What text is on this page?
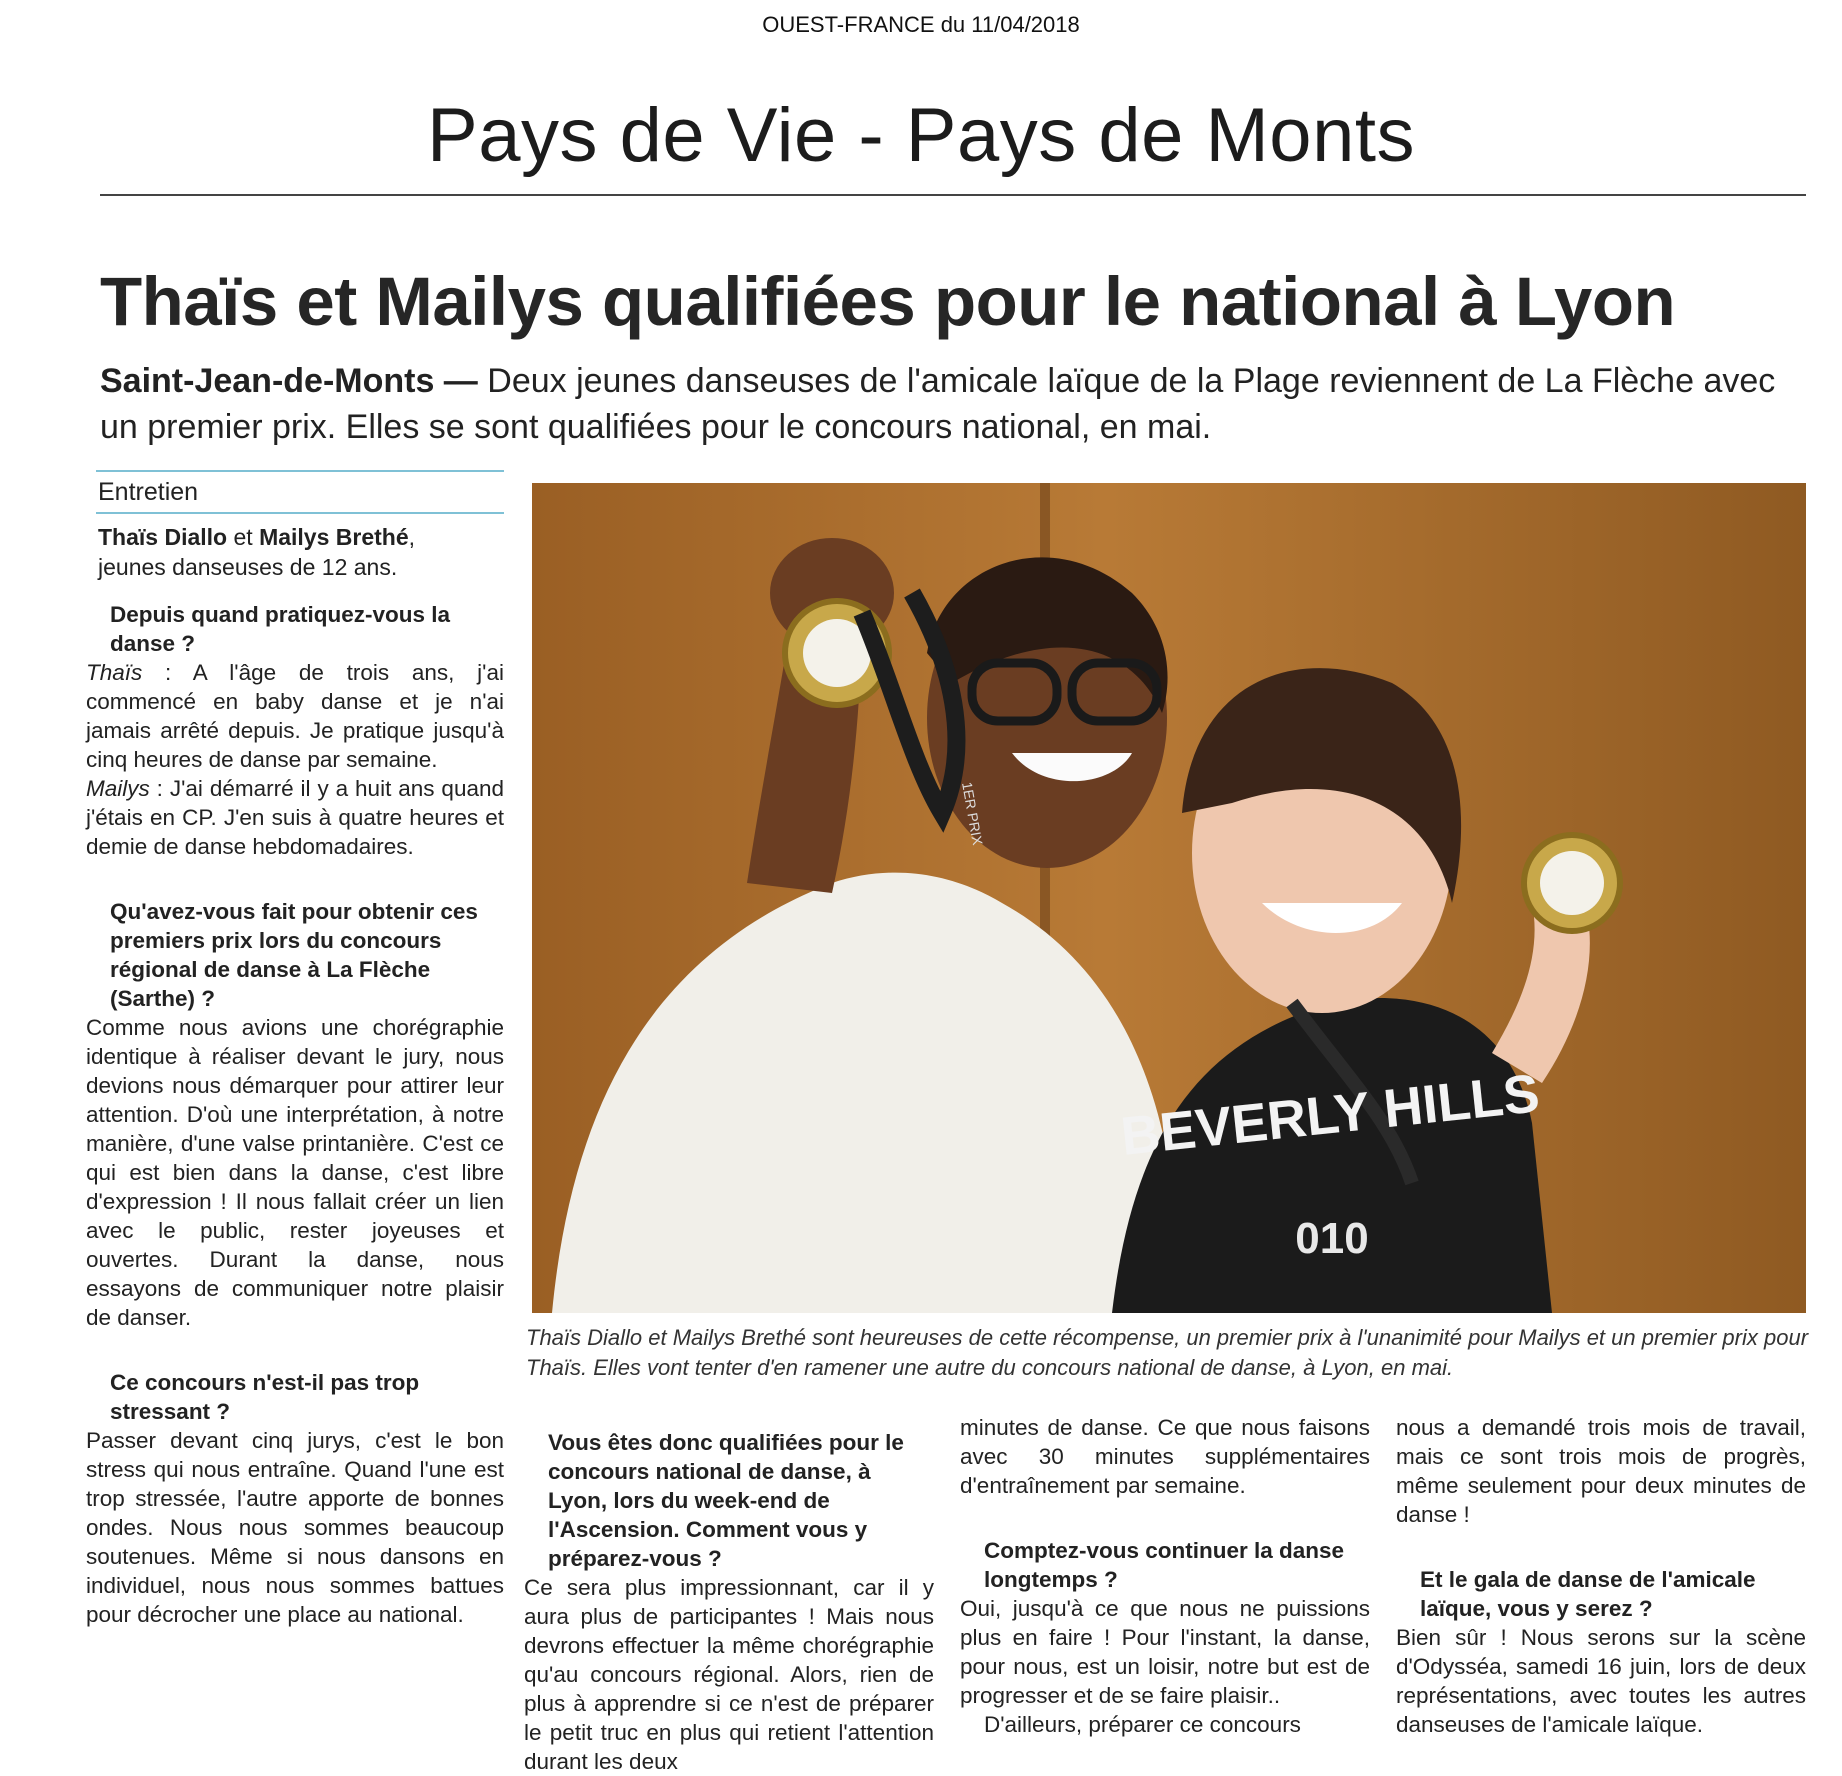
OUEST-FRANCE du 11/04/2018
Pays de Vie - Pays de Monts
Thaïs et Mailys qualifiées pour le national à Lyon
Saint-Jean-de-Monts — Deux jeunes danseuses de l'amicale laïque de la Plage reviennent de La Flèche avec un premier prix. Elles se sont qualifiées pour le concours national, en mai.
Entretien
Thaïs Diallo et Mailys Brethé,
jeunes danseuses de 12 ans.

Depuis quand pratiquez-vous la danse ?

Thaïs : A l'âge de trois ans, j'ai commencé en baby danse et je n'ai jamais arrêté depuis. Je pratique jusqu'à cinq heures de danse par semaine.
Mailys : J'ai démarré il y a huit ans quand j'étais en CP. J'en suis à quatre heures et demie de danse hebdomadaires.

Qu'avez-vous fait pour obtenir ces premiers prix lors du concours régional de danse à La Flèche (Sarthe) ?

Comme nous avions une chorégraphie identique à réaliser devant le jury, nous devions nous démarquer pour attirer leur attention. D'où une interprétation, à notre manière, d'une valse printanière. C'est ce qui est bien dans la danse, c'est libre d'expression ! Il nous fallait créer un lien avec le public, rester joyeuses et ouvertes. Durant la danse, nous essayons de communiquer notre plaisir de danser.

Ce concours n'est-il pas trop stressant ?

Passer devant cinq jurys, c'est le bon stress qui nous entraîne. Quand l'une est trop stressée, l'autre apporte de bonnes ondes. Nous nous sommes beaucoup soutenues. Même si nous dansons en individuel, nous nous sommes battues pour décrocher une place au national.

BEVERLY HILLS
010
1ER PRIX
Thaïs Diallo et Mailys Brethé sont heureuses de cette récompense, un premier prix à l'unanimité pour Mailys et un premier prix pour Thaïs. Elles vont tenter d'en ramener une autre du concours national de danse, à Lyon, en mai.

Vous êtes donc qualifiées pour le concours national de danse, à Lyon, lors du week-end de l'Ascension. Comment vous y préparez-vous ?

Ce sera plus impressionnant, car il y aura plus de participantes ! Mais nous devrons effectuer la même chorégraphie qu'au concours régional. Alors, rien de plus à apprendre si ce n'est de préparer le petit truc en plus qui retient l'attention durant les deux

minutes de danse. Ce que nous faisons avec 30 minutes supplémentaires d'entraînement par semaine.

Comptez-vous continuer la danse longtemps ?

Oui, jusqu'à ce que nous ne puissions plus en faire ! Pour l'instant, la danse, pour nous, est un loisir, notre but est de progresser et de se faire plaisir..

D'ailleurs, préparer ce concours

nous a demandé trois mois de travail, mais ce sont trois mois de progrès, même seulement pour deux minutes de danse !

Et le gala de danse de l'amicale laïque, vous y serez ?

Bien sûr ! Nous serons sur la scène d'Odysséa, samedi 16 juin, lors de deux représentations, avec toutes les autres danseuses de l'amicale laïque.
